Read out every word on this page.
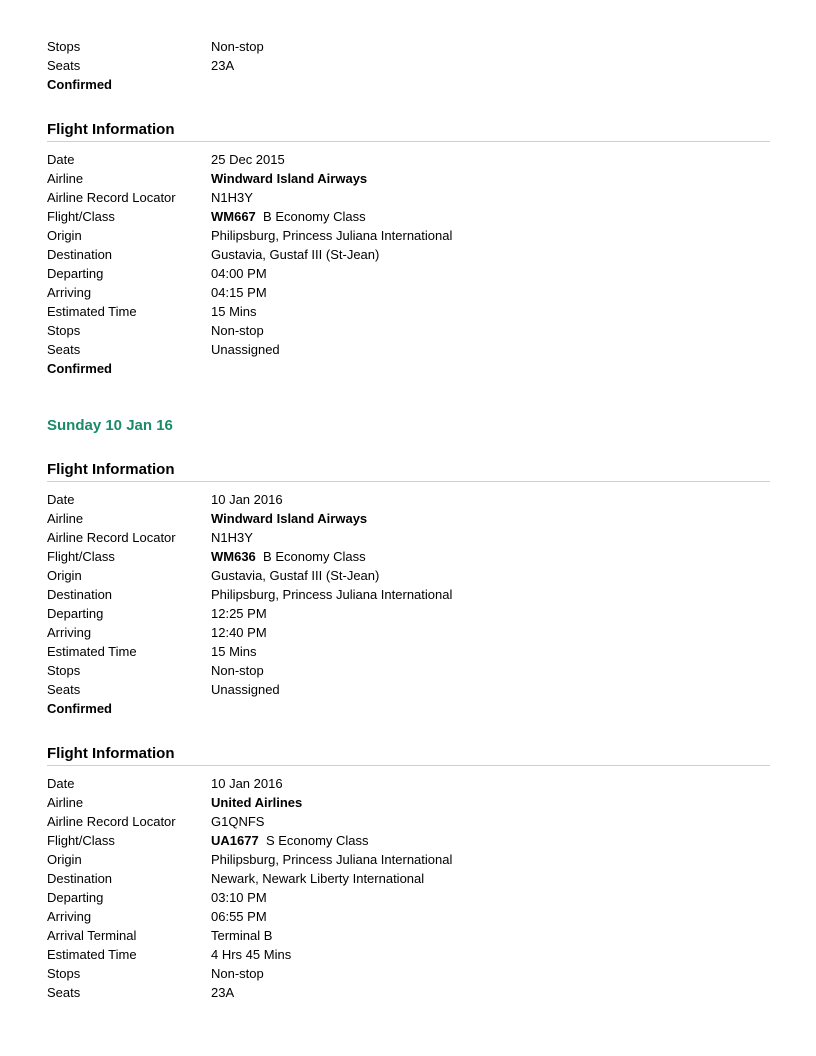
Stops	Non-stop
Seats	23A
Confirmed
Flight Information
Date	25 Dec 2015
Airline	Windward Island Airways
Airline Record Locator	N1H3Y
Flight/Class	WM667 B Economy Class
Origin	Philipsburg, Princess Juliana International
Destination	Gustavia, Gustaf III (St-Jean)
Departing	04:00 PM
Arriving	04:15 PM
Estimated Time	15 Mins
Stops	Non-stop
Seats	Unassigned
Confirmed
Sunday 10 Jan 16
Flight Information
Date	10 Jan 2016
Airline	Windward Island Airways
Airline Record Locator	N1H3Y
Flight/Class	WM636 B Economy Class
Origin	Gustavia, Gustaf III (St-Jean)
Destination	Philipsburg, Princess Juliana International
Departing	12:25 PM
Arriving	12:40 PM
Estimated Time	15 Mins
Stops	Non-stop
Seats	Unassigned
Confirmed
Flight Information
Date	10 Jan 2016
Airline	United Airlines
Airline Record Locator	G1QNFS
Flight/Class	UA1677 S Economy Class
Origin	Philipsburg, Princess Juliana International
Destination	Newark, Newark Liberty International
Departing	03:10 PM
Arriving	06:55 PM
Arrival Terminal	Terminal B
Estimated Time	4 Hrs 45 Mins
Stops	Non-stop
Seats	23A
